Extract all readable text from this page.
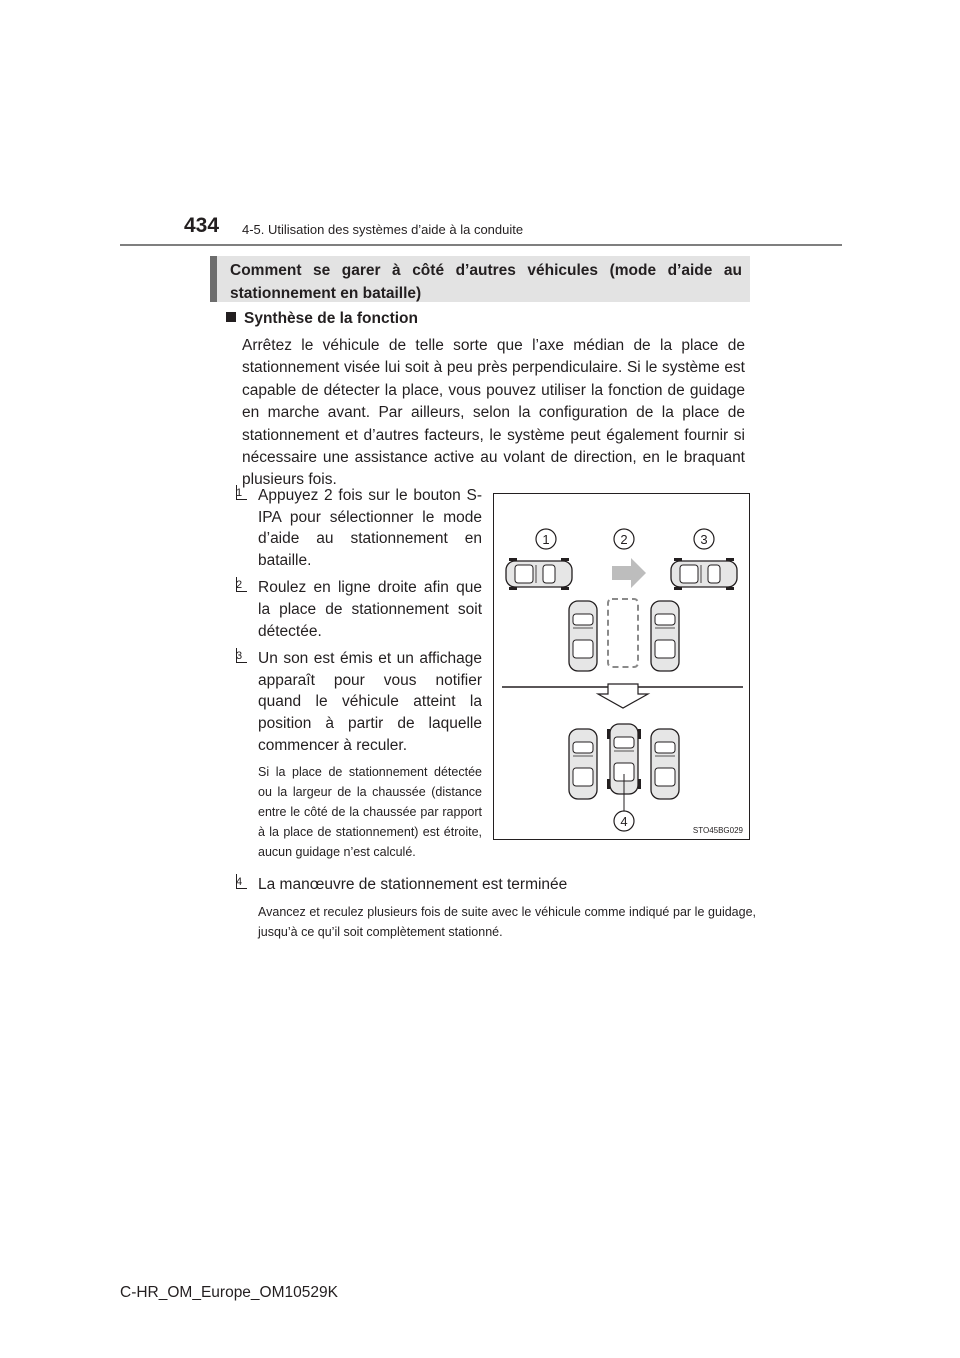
434 4-5. Utilisation des systèmes d’aide à la conduite
Comment se garer à côté d’autres véhicules (mode d’aide au stationnement en bataille)
Synthèse de la fonction

Arrêtez le véhicule de telle sorte que l’axe médian de la place de stationnement visée lui soit à peu près perpendiculaire. Si le système est capable de détecter la place, vous pouvez utiliser la fonction de guidage en marche avant. Par ailleurs, selon la configuration de la place de stationnement et d’autres facteurs, le système peut également fournir si nécessaire une assistance active au volant de direction, en le braquant plusieurs fois.

1	Appuyez 2 fois sur le bouton S-IPA pour sélectionner le mode d’aide au stationnement en bataille.
2	Roulez en ligne droite afin que la place de stationnement soit détectée.
3	Un son est émis et un affichage apparaît pour vous notifier quand le véhicule atteint la position à partir de laquelle commencer à reculer.
Si la place de stationnement détectée ou la largeur de la chaussée (distance entre le côté de la chaussée par rapport à la place de stationnement) est étroite, aucun guidage n’est calculé.
1	2	3
4
STO45BG029
4	La manœuvre de stationnement est terminée
Avancez et reculez plusieurs fois de suite avec le véhicule comme indiqué par le guidage, jusqu’à ce qu’il soit complètement stationné.
C-HR_OM_Europe_OM10529K
